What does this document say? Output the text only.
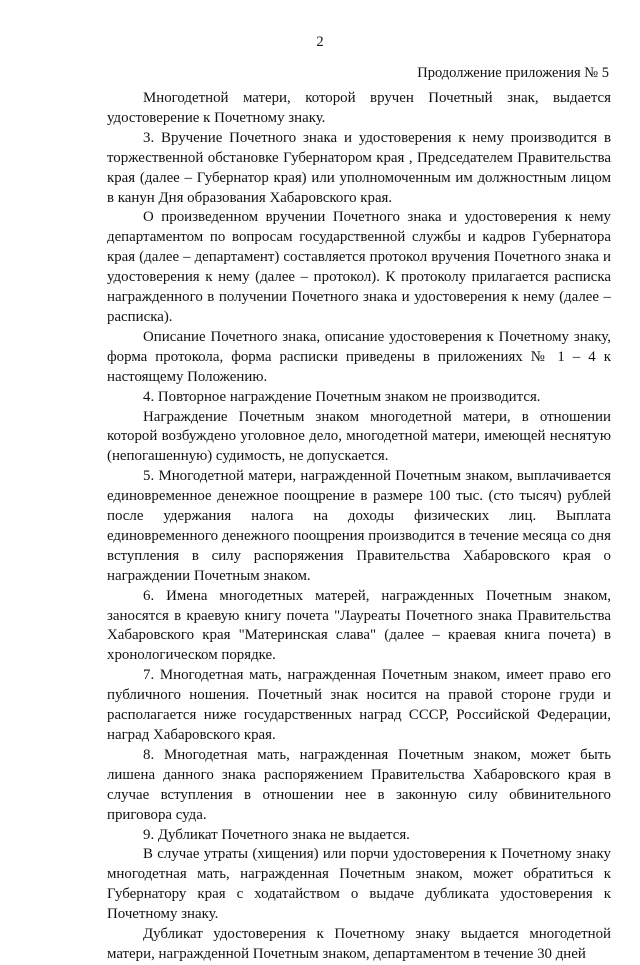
2
Продолжение приложения № 5

Многодетной матери, которой вручен Почетный знак, выдается удостоверение к Почетному знаку.

3. Вручение Почетного знака и удостоверения к нему производится в торжественной обстановке Губернатором края , Председателем Правительства края (далее – Губернатор края) или уполномоченным им должностным лицом в канун Дня образования Хабаровского края.

О произведенном вручении Почетного знака и удостоверения к нему департаментом по вопросам государственной службы и кадров Губернатора края (далее – департамент) составляется протокол вручения Почетного знака и удостоверения к нему (далее – протокол). К протоколу прилагается расписка награжденного в получении Почетного знака и удостоверения к нему (далее – расписка).

Описание Почетного знака, описание удостоверения к Почетному знаку, форма протокола, форма расписки приведены в приложениях № 1 – 4 к настоящему Положению.

4. Повторное награждение Почетным знаком не производится.

Награждение Почетным знаком многодетной матери, в отношении которой возбуждено уголовное дело, многодетной матери, имеющей неснятую (непогашенную) судимость, не допускается.

5. Многодетной матери, награжденной Почетным знаком, выплачивается единовременное денежное поощрение в размере 100 тыс. (сто тысяч) рублей после удержания налога на доходы физических лиц. Выплата единовременного денежного поощрения производится в течение месяца со дня вступления в силу распоряжения Правительства Хабаровского края о награждении Почетным знаком.

6. Имена многодетных матерей, награжденных Почетным знаком, заносятся в краевую книгу почета "Лауреаты Почетного знака Правительства Хабаровского края "Материнская слава" (далее – краевая книга почета) в хронологическом порядке.

7. Многодетная мать, награжденная Почетным знаком, имеет право его публичного ношения. Почетный знак носится на правой стороне груди и располагается ниже государственных наград СССР, Российской Федерации, наград Хабаровского края.

8. Многодетная мать, награжденная Почетным знаком, может быть лишена данного знака распоряжением Правительства Хабаровского края в случае вступления в отношении нее в законную силу обвинительного приговора суда.

9. Дубликат Почетного знака не выдается.

В случае утраты (хищения) или порчи удостоверения к Почетному знаку многодетная мать, награжденная Почетным знаком, может обратиться к Губернатору края с ходатайством о выдаче дубликата удостоверения к Почетному знаку.

Дубликат удостоверения к Почетному знаку выдается многодетной матери, награжденной Почетным знаком, департаментом в течение 30 дней
